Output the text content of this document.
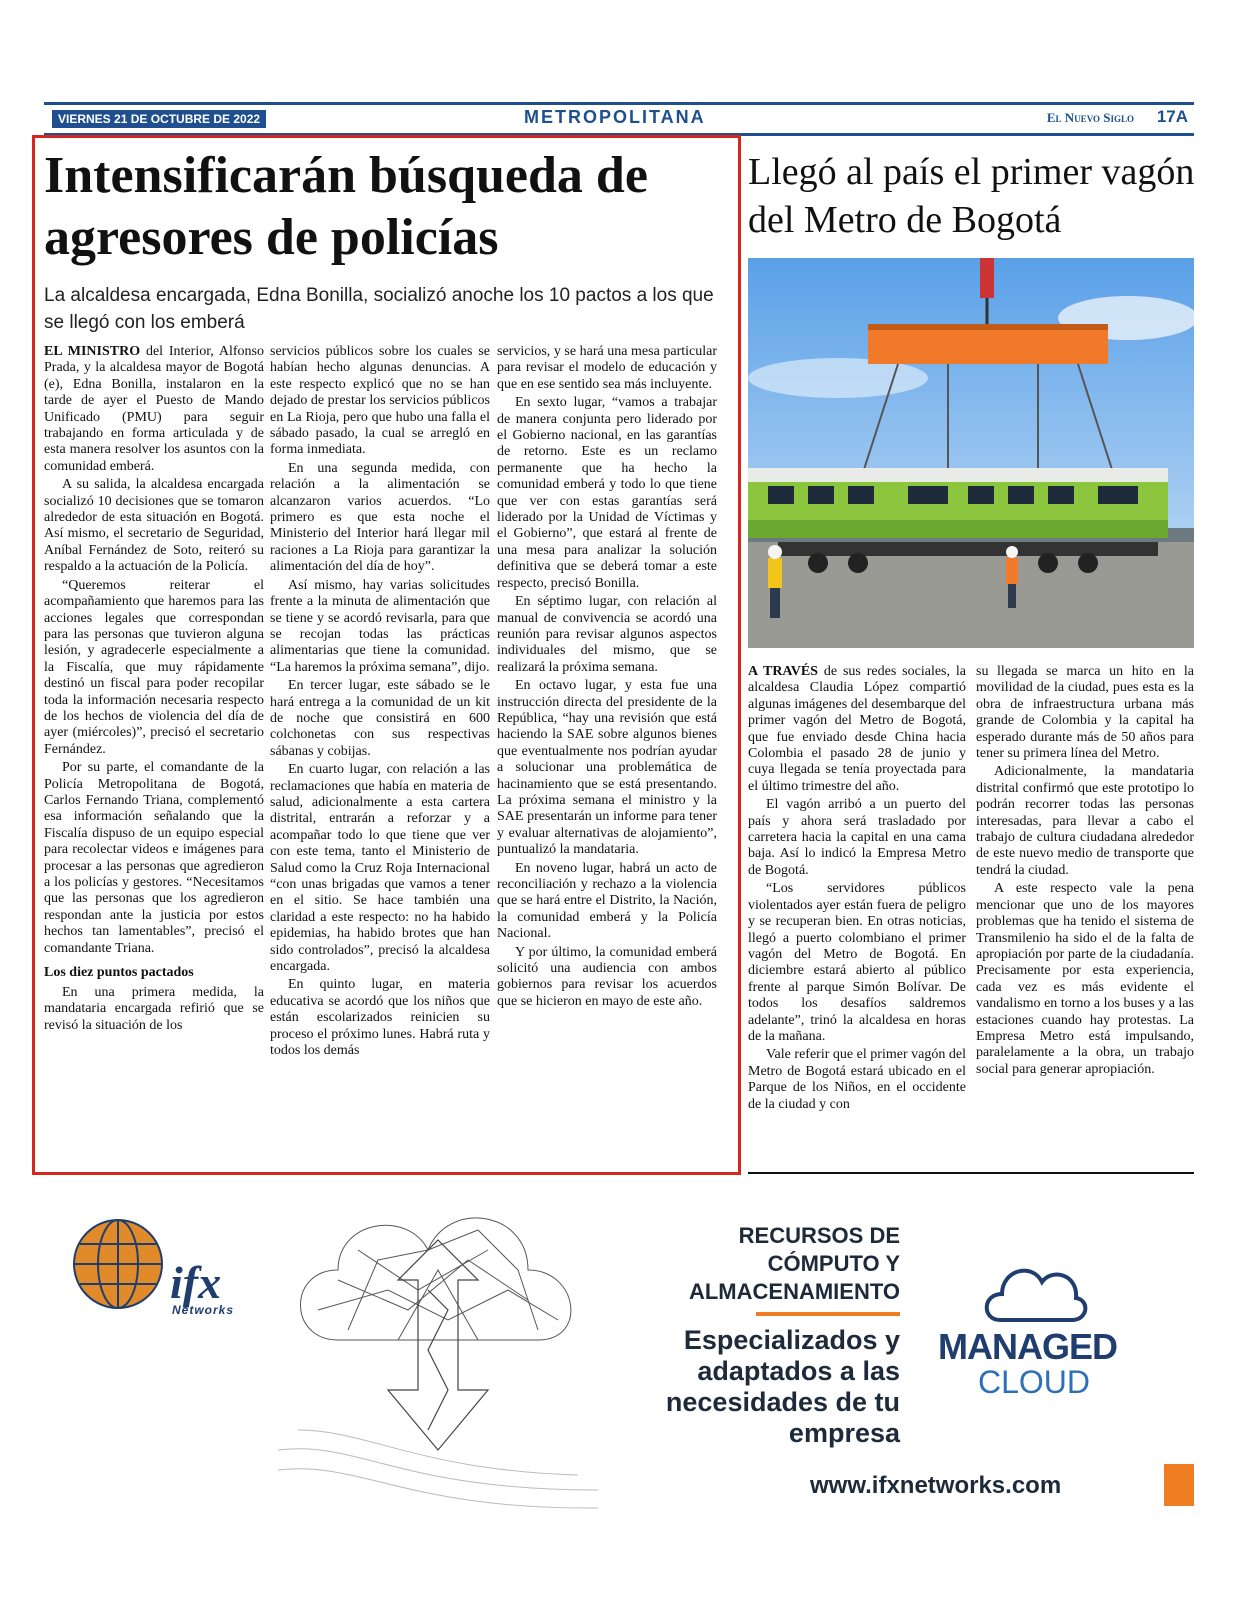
VIERNES 21 DE OCTUBRE DE 2022	METROPOLITANA	El Nuevo Siglo 17A
Intensificarán búsqueda de agresores de policías
La alcaldesa encargada, Edna Bonilla, socializó anoche los 10 pactos a los que se llegó con los emberá

EL MINISTRO del Interior, Alfonso Prada, y la alcaldesa mayor de Bogotá (e), Edna Bonilla, instalaron en la tarde de ayer el Puesto de Mando Unificado (PMU) para seguir trabajando en forma articulada y de esta manera resolver los asuntos con la comunidad emberá.

A su salida, la alcaldesa encargada socializó 10 decisiones que se tomaron alrededor de esta situación en Bogotá. Así mismo, el secretario de Seguridad, Aníbal Fernández de Soto, reiteró su respaldo a la actuación de la Policía.

“Queremos reiterar el acompañamiento que haremos para las acciones legales que correspondan para las personas que tuvieron alguna lesión, y agradecerle especialmente a la Fiscalía, que muy rápidamente destinó un fiscal para poder recopilar toda la información necesaria respecto de los hechos de violencia del día de ayer (miércoles)”, precisó el secretario Fernández.

Por su parte, el comandante de la Policía Metropolitana de Bogotá, Carlos Fernando Triana, complementó esa información señalando que la Fiscalía dispuso de un equipo especial para recolectar videos e imágenes para procesar a las personas que agredieron a los policías y gestores. “Necesitamos que las personas que los agredieron respondan ante la justicia por estos hechos tan lamentables”, precisó el comandante Triana.

Los diez puntos pactados

En una primera medida, la mandataria encargada refirió que se revisó la situación de los

servicios públicos sobre los cuales se habían hecho algunas denuncias. A este respecto explicó que no se han dejado de prestar los servicios públicos en La Rioja, pero que hubo una falla el sábado pasado, la cual se arregló en forma inmediata.

En una segunda medida, con relación a la alimentación se alcanzaron varios acuerdos. “Lo primero es que esta noche el Ministerio del Interior hará llegar mil raciones a La Rioja para garantizar la alimentación del día de hoy”.

Así mismo, hay varias solicitudes frente a la minuta de alimentación que se tiene y se acordó revisarla, para que se recojan todas las prácticas alimentarias que tiene la comunidad. “La haremos la próxima semana”, dijo.

En tercer lugar, este sábado se le hará entrega a la comunidad de un kit de noche que consistirá en 600 colchonetas con sus respectivas sábanas y cobijas.

En cuarto lugar, con relación a las reclamaciones que había en materia de salud, adicionalmente a esta cartera distrital, entrarán a reforzar y a acompañar todo lo que tiene que ver con este tema, tanto el Ministerio de Salud como la Cruz Roja Internacional “con unas brigadas que vamos a tener en el sitio. Se hace también una claridad a este respecto: no ha habido epidemias, ha habido brotes que han sido controlados”, precisó la alcaldesa encargada.

En quinto lugar, en materia educativa se acordó que los niños que están escolarizados reinicien su proceso el próximo lunes. Habrá ruta y todos los demás

servicios, y se hará una mesa particular para revisar el modelo de educación y que en ese sentido sea más incluyente.

En sexto lugar, “vamos a trabajar de manera conjunta pero liderado por el Gobierno nacional, en las garantías de retorno. Este es un reclamo permanente que ha hecho la comunidad emberá y todo lo que tiene que ver con estas garantías será liderado por la Unidad de Víctimas y el Gobierno”, que estará al frente de una mesa para analizar la solución definitiva que se deberá tomar a este respecto, precisó Bonilla.

En séptimo lugar, con relación al manual de convivencia se acordó una reunión para revisar algunos aspectos individuales del mismo, que se realizará la próxima semana.

En octavo lugar, y esta fue una instrucción directa del presidente de la República, “hay una revisión que está haciendo la SAE sobre algunos bienes que eventualmente nos podrían ayudar a solucionar una problemática de hacinamiento que se está presentando. La próxima semana el ministro y la SAE presentarán un informe para tener y evaluar alternativas de alojamiento”, puntualizó la mandataria.

En noveno lugar, habrá un acto de reconciliación y rechazo a la violencia que se hará entre el Distrito, la Nación, la comunidad emberá y la Policía Nacional.

Y por último, la comunidad emberá solicitó una audiencia con ambos gobiernos para revisar los acuerdos que se hicieron en mayo de este año.

Llegó al país el primer vagón del Metro de Bogotá

A TRAVÉS de sus redes sociales, la alcaldesa Claudia López compartió algunas imágenes del desembarque del primer vagón del Metro de Bogotá, que fue enviado desde China hacia Colombia el pasado 28 de junio y cuya llegada se tenía proyectada para el último trimestre del año.

El vagón arribó a un puerto del país y ahora será trasladado por carretera hacia la capital en una cama baja. Así lo indicó la Empresa Metro de Bogotá.

“Los servidores públicos violentados ayer están fuera de peligro y se recuperan bien. En otras noticias, llegó a puerto colombiano el primer vagón del Metro de Bogotá. En diciembre estará abierto al público frente al parque Simón Bolívar. De todos los desafíos saldremos adelante”, trinó la alcaldesa en horas de la mañana.

Vale referir que el primer vagón del Metro de Bogotá estará ubicado en el Parque de los Niños, en el occidente de la ciudad y con

su llegada se marca un hito en la movilidad de la ciudad, pues esta es la obra de infraestructura urbana más grande de Colombia y la capital ha esperado durante más de 50 años para tener su primera línea del Metro.

Adicionalmente, la mandataria distrital confirmó que este prototipo lo podrán recorrer todas las personas interesadas, para llevar a cabo el trabajo de cultura ciudadana alrededor de este nuevo medio de transporte que tendrá la ciudad.

A este respecto vale la pena mencionar que uno de los mayores problemas que ha tenido el sistema de Transmilenio ha sido el de la falta de apropiación por parte de la ciudadanía. Precisamente por esta experiencia, cada vez es más evidente el vandalismo en torno a los buses y a las estaciones cuando hay protestas. La Empresa Metro está impulsando, paralelamente a la obra, un trabajo social para generar apropiación.

ifx
Networks
RECURSOS DE
CÓMPUTO Y
ALMACENAMIENTO
Especializados y
adaptados a las
necesidades de tu
empresa
MANAGED
CLOUD
www.ifxnetworks.com
